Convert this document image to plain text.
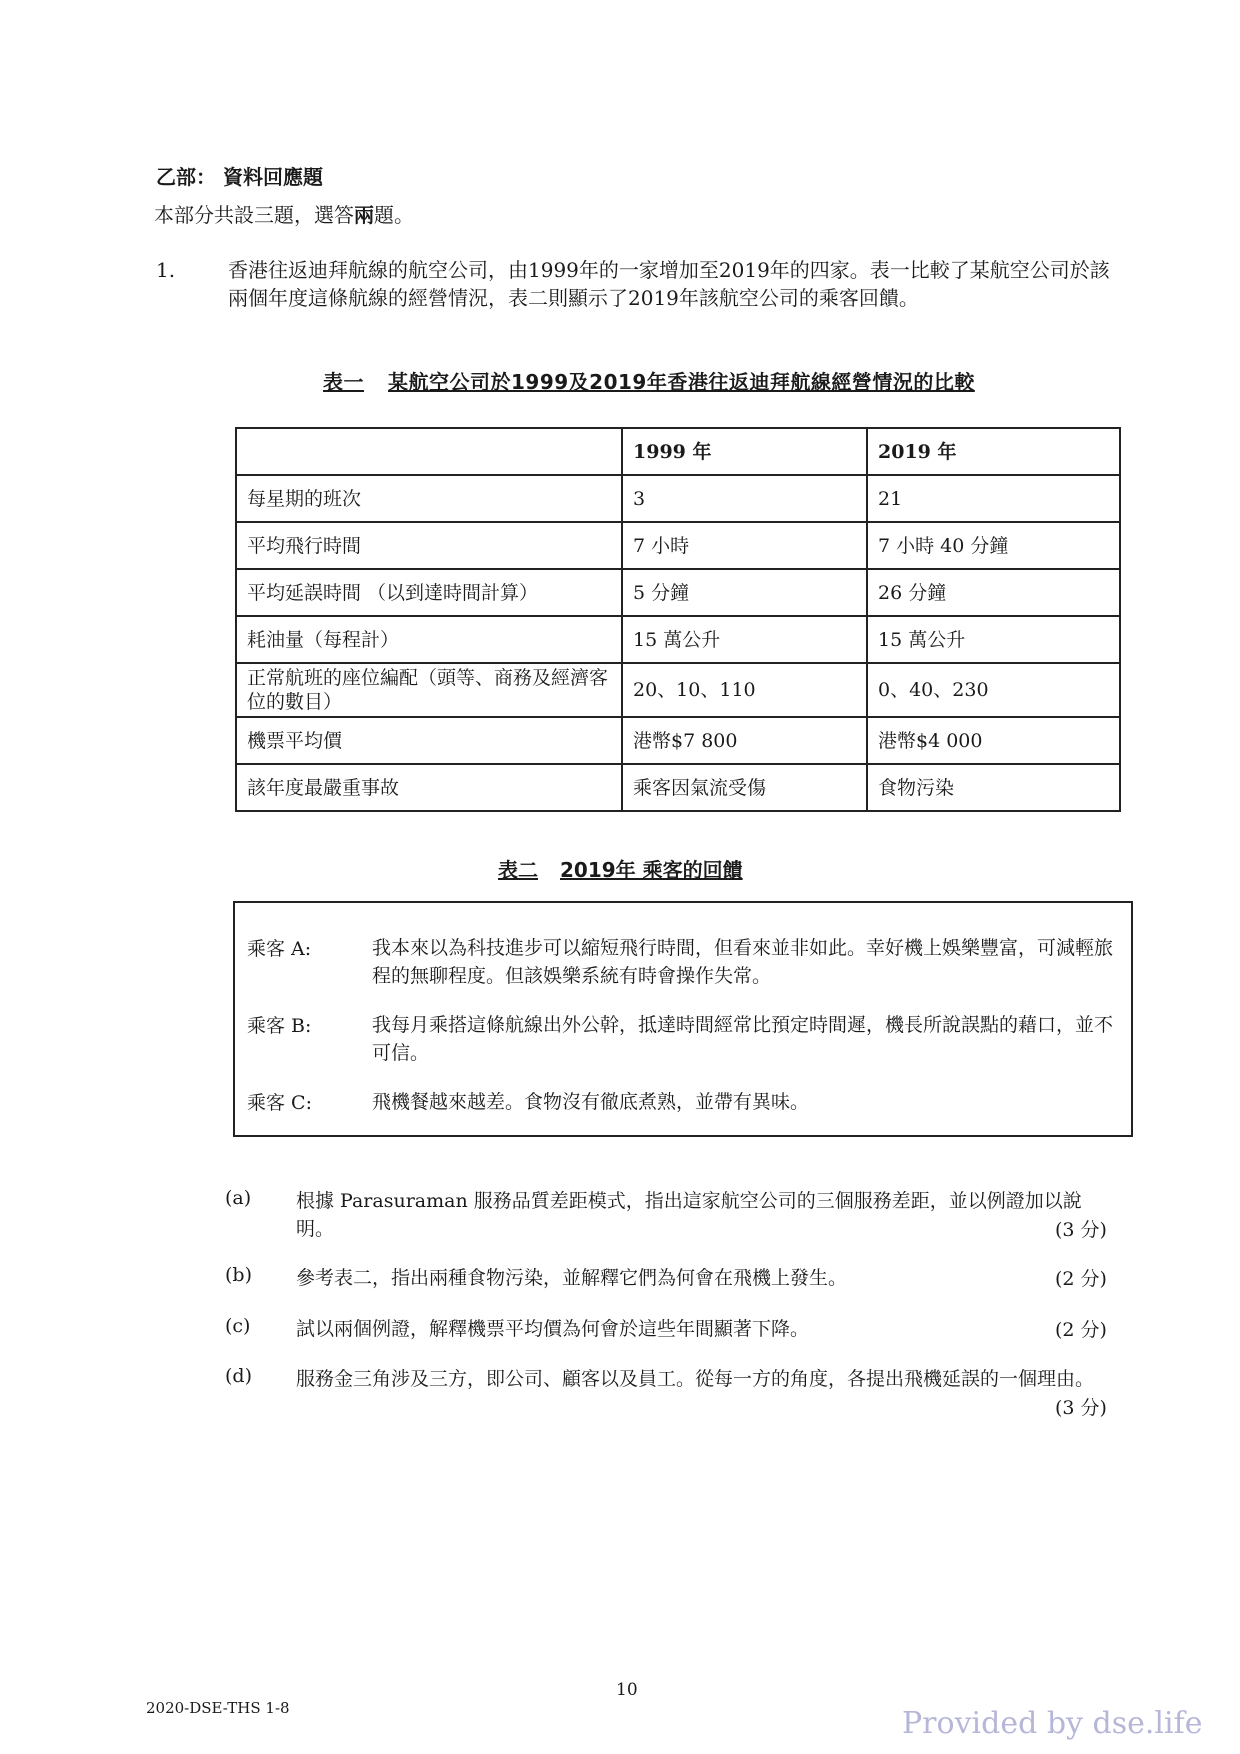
乙部： 資料回應題
本部分共設三題，選答兩題。
1.	香港往返迪拜航線的航空公司，由1999年的一家增加至2019年的四家。表一比較了某航空公司於該兩個年度這條航線的經營情況，表二則顯示了2019年該航空公司的乘客回饋。
表一 某航空公司於1999及2019年香港往返迪拜航線經營情況的比較
	1999 年	2019 年
每星期的班次	3	21
平均飛行時間	7 小時	7 小時 40 分鐘
平均延誤時間 （以到達時間計算）	5 分鐘	26 分鐘
耗油量（每程計）	15 萬公升	15 萬公升
正常航班的座位編配（頭等、商務及經濟客位的數目）	20、10、110	0、40、230
機票平均價	港幣$7 800	港幣$4 000
該年度最嚴重事故	乘客因氣流受傷	食物污染
表二 2019年 乘客的回饋
乘客 A:	我本來以為科技進步可以縮短飛行時間，但看來並非如此。幸好機上娛樂豐富，可減輕旅程的無聊程度。但該娛樂系統有時會操作失常。
乘客 B:	我每月乘搭這條航線出外公幹，抵達時間經常比預定時間遲，機長所說誤點的藉口，並不可信。
乘客 C:	飛機餐越來越差。食物沒有徹底煮熟，並帶有異味。
(a) 根據 Parasuraman 服務品質差距模式，指出這家航空公司的三個服務差距，並以例證加以說明。	(3 分)
(b) 參考表二，指出兩種食物污染，並解釋它們為何會在飛機上發生。	(2 分)
(c) 試以兩個例證，解釋機票平均價為何會於這些年間顯著下降。	(2 分)
(d) 服務金三角涉及三方，即公司、顧客以及員工。從每一方的角度，各提出飛機延誤的一個理由。
(3 分)
10
2020-DSE-THS 1-8	Provided by dse.life
